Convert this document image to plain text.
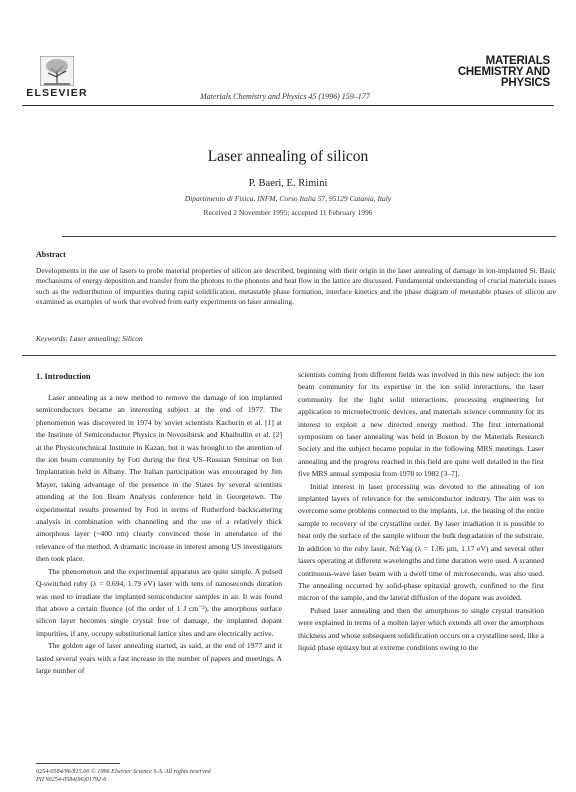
ELSEVIER	Materials Chemistry and Physics 45 (1996) 159–177
MATERIALS
CHEMISTRY AND
PHYSICS
Laser annealing of silicon
P. Baeri, E. Rimini
Dipartimento di Fisica, INFM, Corso Italia 57, 95129 Catania, Italy
Received 2 November 1995; accepted 11 February 1996
Abstract
Developments in the use of lasers to probe material properties of silicon are described, beginning with their origin in the laser annealing of damage in ion-implanted Si. Basic mechanisms of energy deposition and transfer from the photons to the phonons and heat flow in the lattice are discussed. Fundamental understanding of crucial materials issues such as the redistribution of impurities during rapid solidification, metastable phase formation, interface kinetics and the phase diagram of metastable phases of silicon are examined as examples of work that evolved from early experiments on laser annealing.
Keywords: Laser annealing; Silicon
1. Introduction

Laser annealing as a new method to remove the damage of ion implanted semiconductors became an interesting subject at the end of 1977. The phenomenon was discovered in 1974 by soviet scientists Kachurin et al. [1] at the Institute of Semiconductor Physics in Novosibirsk and Khaibullin et al. [2] at the Physicotechnical Institute in Kazan, but it was brought to the attention of the ion beam community by Foti during the first US–Russian Seminar on Ion Implantation held in Albany. The Italian participation was encouraged by Jim Mayer, taking advantage of the presence in the States by several scientists attending at the Ion Beam Analysis conference held in Georgetown. The experimental results presented by Foti in terms of Rutherford backscattering analysis in combination with channeling and the use of a relatively thick amorphous layer (~400 nm) clearly convinced those in attendance of the relevance of the method. A dramatic increase in interest among US investigators then took place.

The phenomenon and the experimental apparatus are quite simple. A pulsed Q-switched ruby (λ = 0.694, 1.79 eV) laser with tens of nanoseconds duration was used to irradiate the implanted semiconductor samples in air. It was found that above a certain fluence (of the order of 1 J cm⁻²), the amorphous surface silicon layer becomes single crystal free of damage, the implanted dopant impurities, if any, occupy substitutional lattice sites and are electrically active.

The golden age of laser annealing started, as said, at the end of 1977 and it lasted several years with a fast increase in the number of papers and meetings. A large number of

scientists coming from different fields was involved in this new subject: the ion beam community for its expertise in the ion solid interactions, the laser community for the light solid interactions, processing engineering for application to microelectronic devices, and materials science community for its interest to exploit a new directed energy method. The first international symposium on laser annealing was held in Boston by the Materials Research Society and the subject became popular in the following MRS meetings. Laser annealing and the progress reached in this field are quite well detailed in the first five MRS annual symposia from 1978 to 1982 [3–7].

Initial interest in laser processing was devoted to the annealing of ion implanted layers of relevance for the semiconductor industry. The aim was to overcome some problems connected to the implants, i.e. the heating of the entire sample to recovery of the crystalline order. By laser irradiation it is possible to heat only the surface of the sample without the bulk degradation of the substrate. In addition to the ruby laser, Nd:Yag (λ = 1.06 µm, 1.17 eV) and several other lasers operating at different wavelengths and time duration were used. A scanned continuous-wave laser beam with a dwell time of microseconds, was also used. The annealing occurred by solid-phase epitaxial growth, confined to the first micron of the sample, and the lateral diffusion of the dopant was avoided.

Pulsed laser annealing and then the amorphous to single crystal transition were explained in terms of a molten layer which extends all over the amorphous thickness and whose subsequent solidification occurs on a crystalline seed, like a liquid phase epitaxy but at extreme conditions owing to the

0254-0584/96/$15.00 © 1996 Elsevier Science S.A. All rights reserved
PII S0254-0584(96)01792-6
